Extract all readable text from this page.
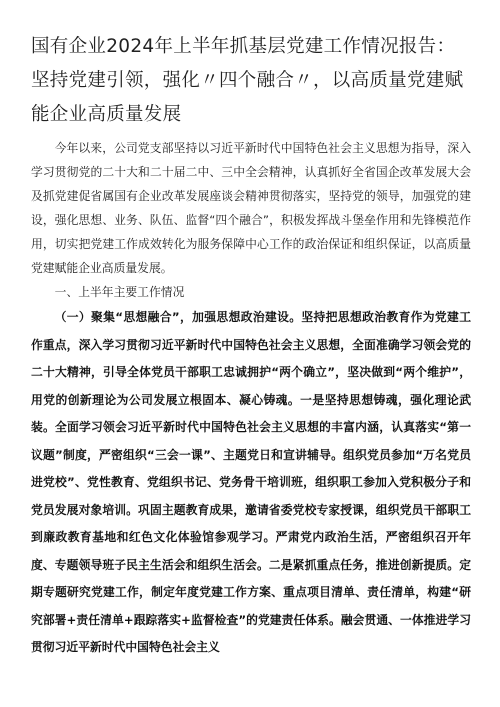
国有企业2024年上半年抓基层党建工作情况报告：坚持党建引领，强化〃四个融合〃，以高质量党建赋能企业高质量发展

今年以来，公司党支部坚持以习近平新时代中国特色社会主义思想为指导，深入学习贯彻党的二十大和二十届二中、三中全会精神，认真抓好全省国企改革发展大会及抓党建促省属国有企业改革发展座谈会精神贯彻落实，坚持党的领导，加强党的建设，强化思想、业务、队伍、监督“四个融合”，积极发挥战斗堡垒作用和先锋模范作用，切实把党建工作成效转化为服务保障中心工作的政治保证和组织保证，以高质量党建赋能企业高质量发展。

一、上半年主要工作情况

（一）聚集“思想融合”，加强思想政治建设。坚持把思想政治教育作为党建工作重点，深入学习贯彻习近平新时代中国特色社会主义思想，全面准确学习领会党的二十大精神，引导全体党员干部职工忠诚拥护“两个确立”，坚决做到“两个维护”，用党的创新理论为公司发展立根固本、凝心铸魂。一是坚持思想铸魂，强化理论武装。全面学习领会习近平新时代中国特色社会主义思想的丰富内涵，认真落实“第一议题”制度，严密组织“三会一课”、主题党日和宣讲辅导。组织党员参加“万名党员进党校”、党性教育、党组织书记、党务骨干培训班，组织职工参加入党积极分子和党员发展对象培训。巩固主题教育成果，邀请省委党校专家授课，组织党员干部职工到廉政教育基地和红色文化体验馆参观学习。严肃党内政治生活，严密组织召开年度、专题领导班子民主生活会和组织生活会。二是紧抓重点任务，推进创新提质。定期专题研究党建工作，制定年度党建工作方案、重点项目清单、责任清单，构建“研究部署+责任清单+跟踪落实+监督检查”的党建责任体系。融会贯通、一体推进学习贯彻习近平新时代中国特色社会主义
